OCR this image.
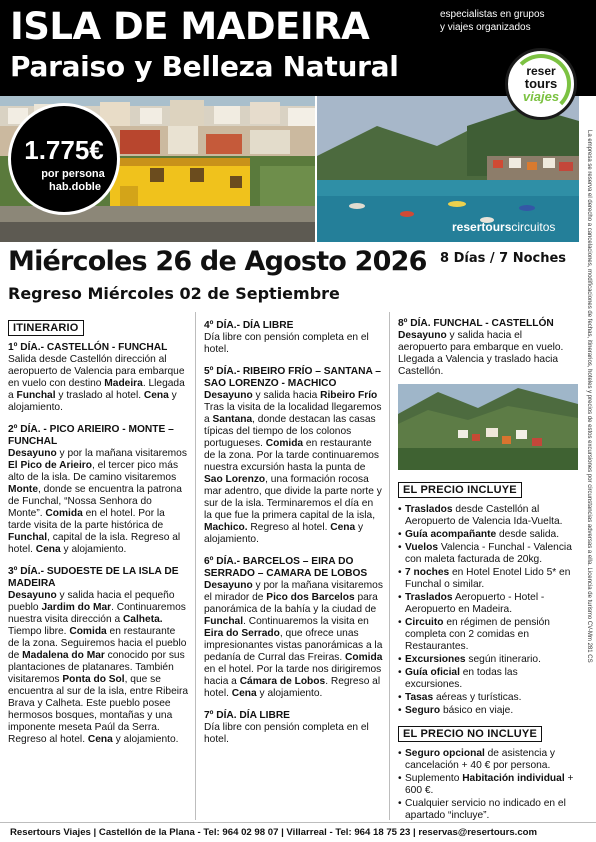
ISLA DE MADEIRA
Paraiso y Belleza Natural
especialistas en grupos
y viajes organizados
reser
tours
viajes
1.775€
por persona
hab.doble
resertourscircuitos	La empresa se reserva el derecho a cancelaciones, modificaciones de fechas, itinerarios, hoteles y precios de estos excursiones por circunstancias adversas a ella. Licencia de turismo CV-Mm 281 CS
Miércoles 26 de Agosto 2026
Regreso Miércoles 02 de Septiembre
8 Días / 7 Noches
ITINERARIO
1º DÍA.- CASTELLÓN - FUNCHAL
Salida desde Castellón dirección al aeropuerto de Valencia para embarque en vuelo con destino Madeira. Llegada a Funchal y traslado al hotel. Cena y alojamiento.
2º DÍA. - PICO ARIEIRO - MONTE – FUNCHAL
Desayuno y por la mañana visitaremos El Pico de Arieiro, el tercer pico más alto de la isla. De camino visitaremos Monte, donde se encuentra la patrona de Funchal, “Nossa Senhora do Monte”. Comida en el hotel. Por la tarde visita de la parte histórica de Funchal, capital de la isla. Regreso al hotel. Cena y alojamiento.
3º DÍA.- SUDOESTE DE LA ISLA DE MADEIRA
Desayuno y salida hacia el pequeño pueblo Jardim do Mar. Continuaremos nuestra visita dirección a Calheta. Tiempo libre. Comida en restaurante de la zona. Seguiremos hacia el pueblo de Madalena do Mar conocido por sus plantaciones de platanares. También visitaremos Ponta do Sol, que se encuentra al sur de la isla, entre Ribeira Brava y Calheta. Este pueblo posee hermosos bosques, montañas y una imponente meseta Paúl da Serra. Regreso al hotel. Cena y alojamiento.
4º DÍA.- DÍA LIBRE
Día libre con pensión completa en el hotel.
5º DÍA.- RIBEIRO FRÍO – SANTANA – SAO LORENZO - MACHICO
Desayuno y salida hacia Ribeiro Frío Tras la visita de la localidad llegaremos a Santana, donde destacan las casas típicas del tiempo de los colonos portugueses. Comida en restaurante de la zona. Por la tarde continuaremos nuestra excursión hasta la punta de Sao Lorenzo, una formación rocosa mar adentro, que divide la parte norte y sur de la isla. Terminaremos el día en la que fue la primera capital de la isla, Machico. Regreso al hotel. Cena y alojamiento.
6º DÍA.- BARCELOS – EIRA DO SERRADO – CAMARA DE LOBOS
Desayuno y por la mañana visitaremos el mirador de Pico dos Barcelos para panorámica de la bahía y la ciudad de Funchal. Continuaremos la visita en Eira do Serrado, que ofrece unas impresionantes vistas panorámicas a la pedanía de Curral das Freiras. Comida en el hotel. Por la tarde nos dirigiremos hacia a Cámara de Lobos. Regreso al hotel. Cena y alojamiento.
7º DÍA. DÍA LIBRE
Día libre con pensión completa en el hotel.
8º DÍA. FUNCHAL - CASTELLÓN
Desayuno y salida hacia el aeropuerto para embarque en vuelo. Llegada a Valencia y traslado hacia Castellón.
EL PRECIO INCLUYE
• Traslados desde Castellón al Aeropuerto de Valencia Ida-Vuelta.
• Guía acompañante desde salida.
• Vuelos Valencia - Funchal - Valencia con maleta facturada de 20kg.
• 7 noches en Hotel Enotel Lido 5* en Funchal o similar.
• Traslados Aeropuerto - Hotel - Aeropuerto en Madeira.
• Circuito en régimen de pensión completa con 2 comidas en Restaurantes.
• Excursiones según itinerario.
• Guía oficial en todas las excursiones.
• Tasas aéreas y turísticas.
• Seguro básico en viaje.
EL PRECIO NO INCLUYE
• Seguro opcional de asistencia y cancelación + 40 € por persona.
• Suplemento Habitación individual + 600 €.
• Cualquier servicio no indicado en el apartado “incluye”.
Resertours Viajes | Castellón de la Plana - Tel: 964 02 98 07 | Villarreal - Tel: 964 18 75 23 | reservas@resertours.com
